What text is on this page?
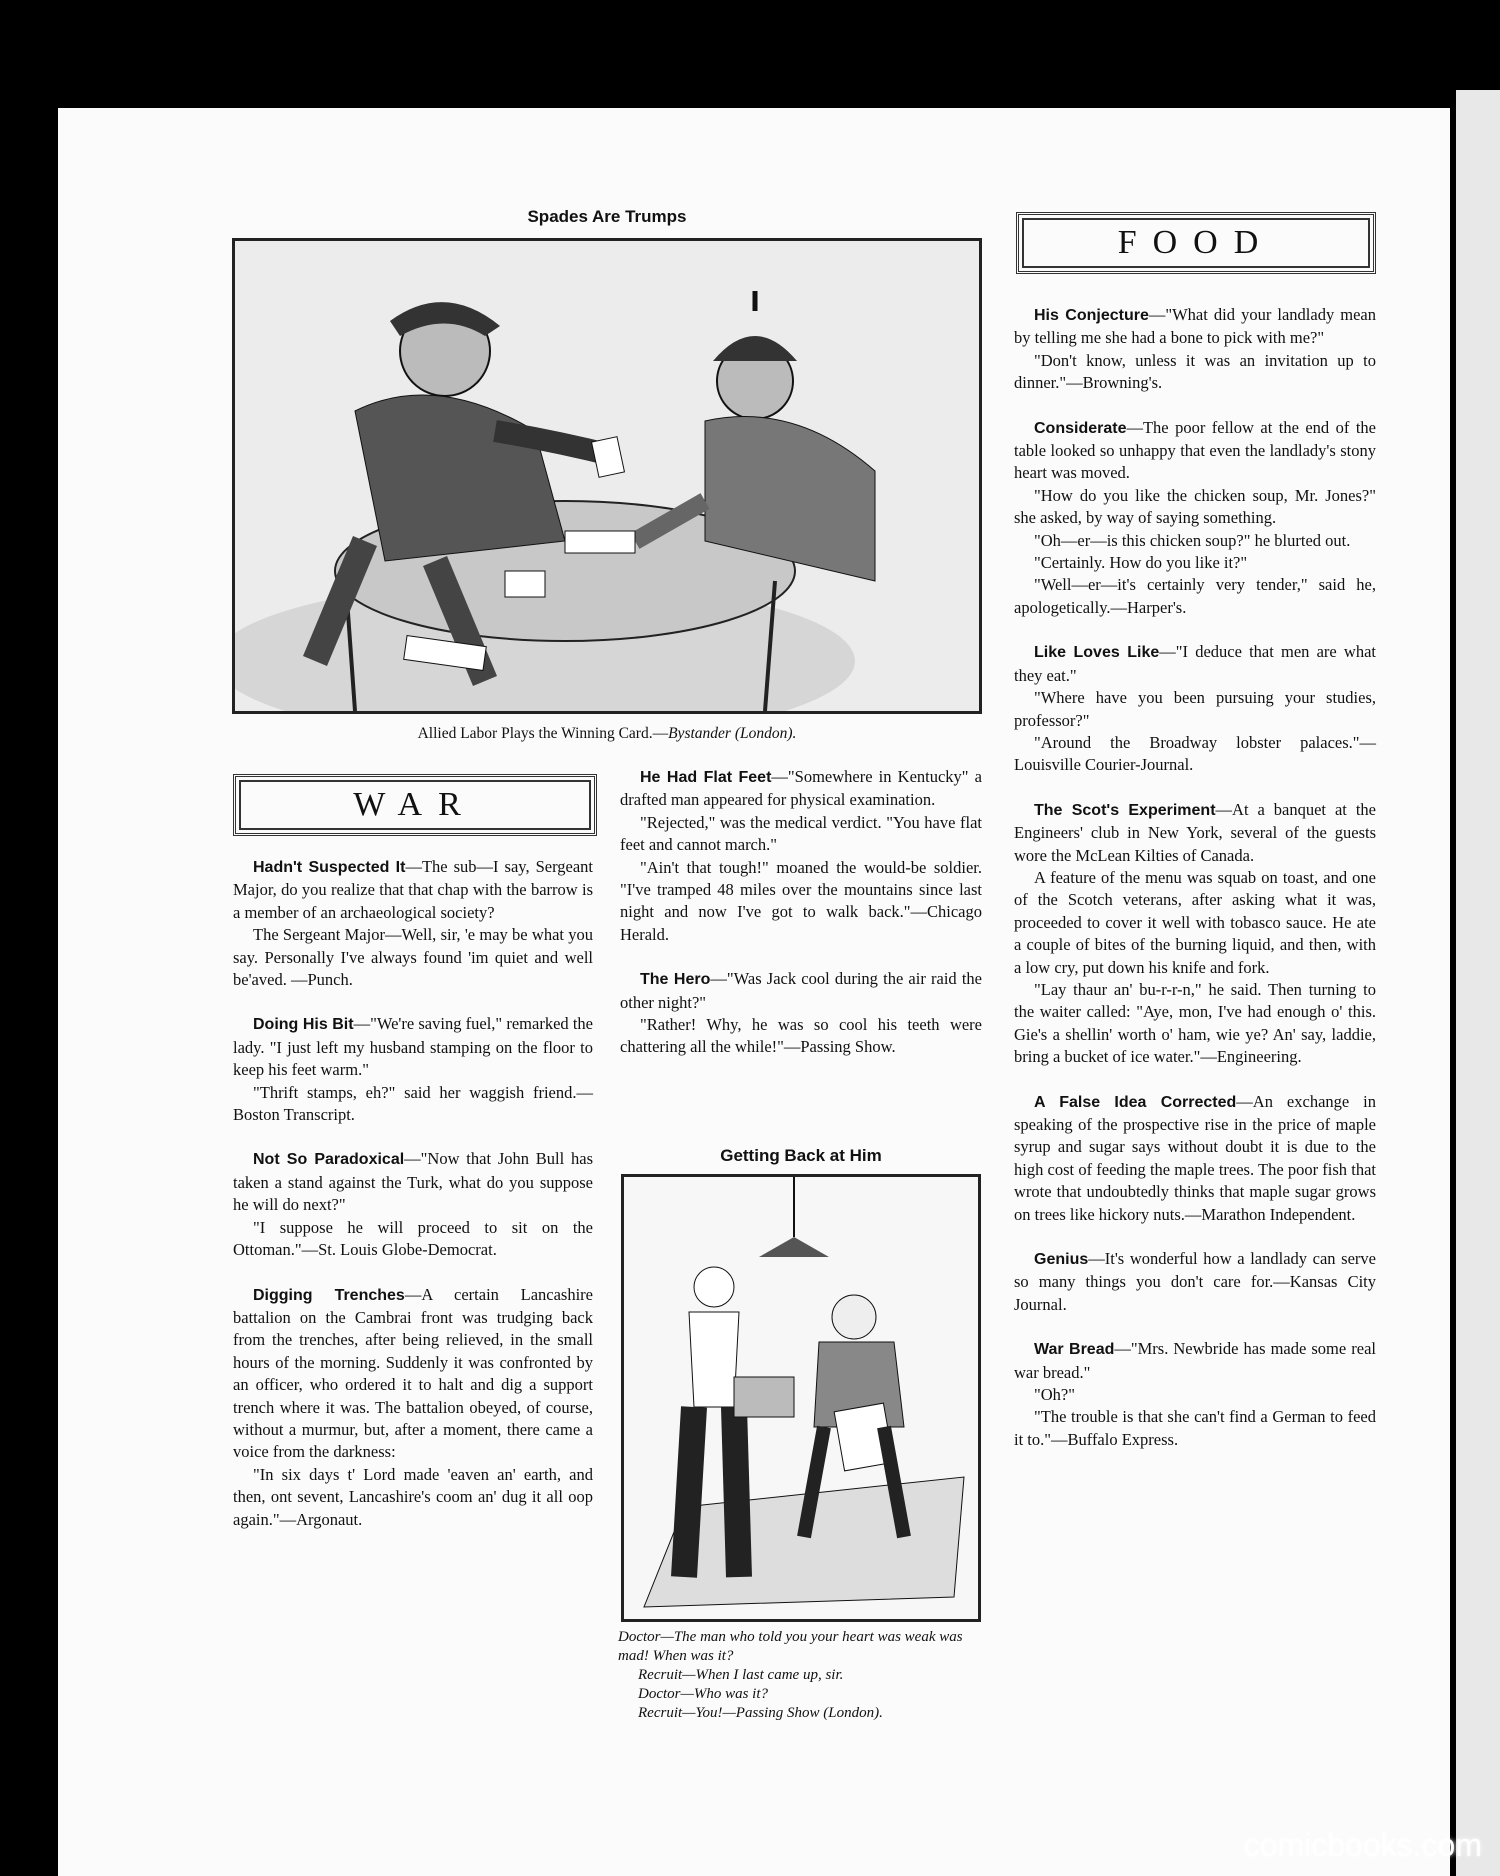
Spades Are Trumps
Allied Labor Plays the Winning Card.—Bystander (London).
WAR

Hadn't Suspected It—The sub—I say, Sergeant Major, do you realize that that chap with the barrow is a member of an archaeological society?

The Sergeant Major—Well, sir, 'e may be what you say. Personally I've always found 'im quiet and well be'aved. —Punch.

Doing His Bit—"We're saving fuel," remarked the lady. "I just left my husband stamping on the floor to keep his feet warm."

"Thrift stamps, eh?" said her waggish friend.—Boston Transcript.

Not So Paradoxical—"Now that John Bull has taken a stand against the Turk, what do you suppose he will do next?"

"I suppose he will proceed to sit on the Ottoman."—St. Louis Globe-Democrat.

Digging Trenches—A certain Lancashire battalion on the Cambrai front was trudging back from the trenches, after being relieved, in the small hours of the morning. Suddenly it was confronted by an officer, who ordered it to halt and dig a support trench where it was. The battalion obeyed, of course, without a murmur, but, after a moment, there came a voice from the darkness:

"In six days t' Lord made 'eaven an' earth, and then, ont sevent, Lancashire's coom an' dug it all oop again."—Argonaut.

He Had Flat Feet—"Somewhere in Kentucky" a drafted man appeared for physical examination.

"Rejected," was the medical verdict. "You have flat feet and cannot march."

"Ain't that tough!" moaned the would-be soldier. "I've tramped 48 miles over the mountains since last night and now I've got to walk back."—Chicago Herald.

The Hero—"Was Jack cool during the air raid the other night?"

"Rather! Why, he was so cool his teeth were chattering all the while!"—Passing Show.

Getting Back at Him

Doctor—The man who told you your heart was weak was mad! When was it?

Recruit—When I last came up, sir.

Doctor—Who was it?

Recruit—You!—Passing Show (London).

FOOD

His Conjecture—"What did your landlady mean by telling me she had a bone to pick with me?"

"Don't know, unless it was an invitation up to dinner."—Browning's.

Considerate—The poor fellow at the end of the table looked so unhappy that even the landlady's stony heart was moved.

"How do you like the chicken soup, Mr. Jones?" she asked, by way of saying something.

"Oh—er—is this chicken soup?" he blurted out.

"Certainly. How do you like it?"

"Well—er—it's certainly very tender," said he, apologetically.—Harper's.

Like Loves Like—"I deduce that men are what they eat."

"Where have you been pursuing your studies, professor?"

"Around the Broadway lobster palaces."—Louisville Courier-Journal.

The Scot's Experiment—At a banquet at the Engineers' club in New York, several of the guests wore the McLean Kilties of Canada.

A feature of the menu was squab on toast, and one of the Scotch veterans, after asking what it was, proceeded to cover it well with tobasco sauce. He ate a couple of bites of the burning liquid, and then, with a low cry, put down his knife and fork.

"Lay thaur an' bu-r-r-n," he said. Then turning to the waiter called: "Aye, mon, I've had enough o' this. Gie's a shellin' worth o' ham, wie ye? An' say, laddie, bring a bucket of ice water."—Engineering.

A False Idea Corrected—An exchange in speaking of the prospective rise in the price of maple syrup and sugar says without doubt it is due to the high cost of feeding the maple trees. The poor fish that wrote that undoubtedly thinks that maple sugar grows on trees like hickory nuts.—Marathon Independent.

Genius—It's wonderful how a landlady can serve so many things you don't care for.—Kansas City Journal.

War Bread—"Mrs. Newbride has made some real war bread."

"Oh?"

"The trouble is that she can't find a German to feed it to."—Buffalo Express.

comicbooks.com
